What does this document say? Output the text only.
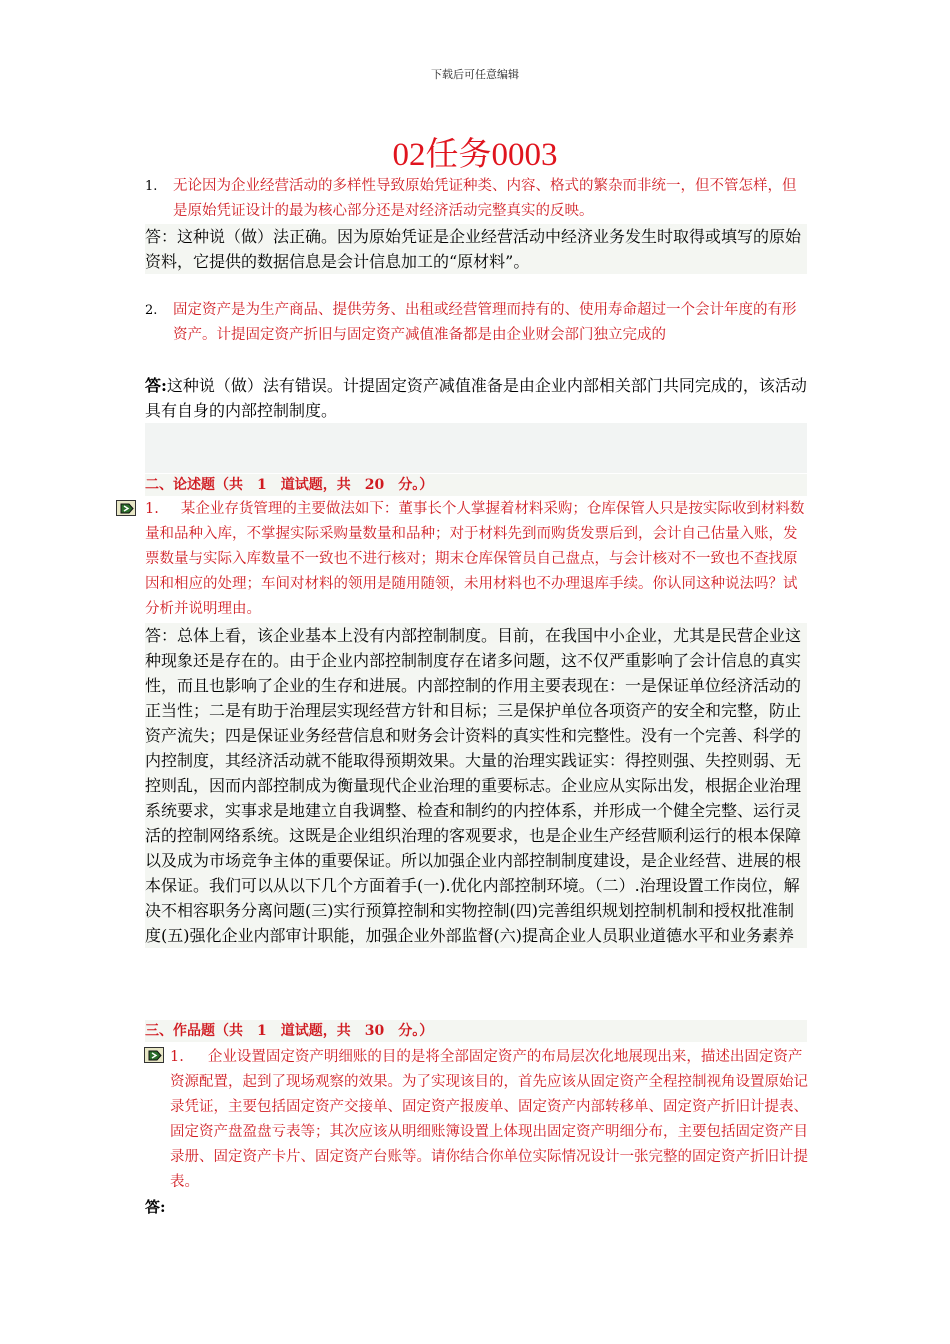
下载后可任意编辑
02任务0003
1. 无论因为企业经营活动的多样性导致原始凭证种类、内容、格式的繁杂而非统一，但不管怎样，但是原始凭证设计的最为核心部分还是对经济活动完整真实的反映。
答：这种说（做）法正确。因为原始凭证是企业经营活动中经济业务发生时取得或填写的原始资料，它提供的数据信息是会计信息加工的“原材料”。
2. 固定资产是为生产商品、提供劳务、出租或经营管理而持有的、使用寿命超过一个会计年度的有形资产。计提固定资产折旧与固定资产减值准备都是由企业财会部门独立完成的
答:这种说（做）法有错误。计提固定资产减值准备是由企业内部相关部门共同完成的，该活动具有自身的内部控制制度。
二、论述题（共　1　道试题，共　20　分。）
1. 某企业存货管理的主要做法如下：董事长个人掌握着材料采购；仓库保管人只是按实际收到材料数量和品种入库，不掌握实际采购量数量和品种；对于材料先到而购货发票后到，会计自己估量入账，发票数量与实际入库数量不一致也不进行核对；期末仓库保管员自己盘点，与会计核对不一致也不查找原因和相应的处理；车间对材料的领用是随用随领，未用材料也不办理退库手续。你认同这种说法吗？试分析并说明理由。
答：总体上看，该企业基本上没有内部控制制度。目前，在我国中小企业，尤其是民营企业这种现象还是存在的。由于企业内部控制制度存在诸多问题，这不仅严重影响了会计信息的真实性，而且也影响了企业的生存和进展。内部控制的作用主要表现在：一是保证单位经济活动的正当性；二是有助于治理层实现经营方针和目标；三是保护单位各项资产的安全和完整，防止资产流失；四是保证业务经营信息和财务会计资料的真实性和完整性。没有一个完善、科学的内控制度，其经济活动就不能取得预期效果。大量的治理实践证实：得控则强、失控则弱、无控则乱，因而内部控制成为衡量现代企业治理的重要标志。企业应从实际出发，根据企业治理系统要求，实事求是地建立自我调整、检查和制约的内控体系，并形成一个健全完整、运行灵活的控制网络系统。这既是企业组织治理的客观要求，也是企业生产经营顺利运行的根本保障以及成为市场竞争主体的重要保证。所以加强企业内部控制制度建设，是企业经营、进展的根本保证。我们可以从以下几个方面着手(一).优化内部控制环境。（二）.治理设置工作岗位，解决不相容职务分离问题(三)实行预算控制和实物控制(四)完善组织规划控制机制和授权批准制度(五)强化企业内部审计职能，加强企业外部监督(六)提高企业人员职业道德水平和业务素养
三、作品题（共　1　道试题，共　30　分。）
1. 企业设置固定资产明细账的目的是将全部固定资产的布局层次化地展现出来，描述出固定资产资源配置，起到了现场观察的效果。为了实现该目的，首先应该从固定资产全程控制视角设置原始记录凭证，主要包括固定资产交接单、固定资产报废单、固定资产内部转移单、固定资产折旧计提表、固定资产盘盈盘亏表等；其次应该从明细账簿设置上体现出固定资产明细分布，主要包括固定资产目录册、固定资产卡片、固定资产台账等。请你结合你单位实际情况设计一张完整的固定资产折旧计提表。
答:
